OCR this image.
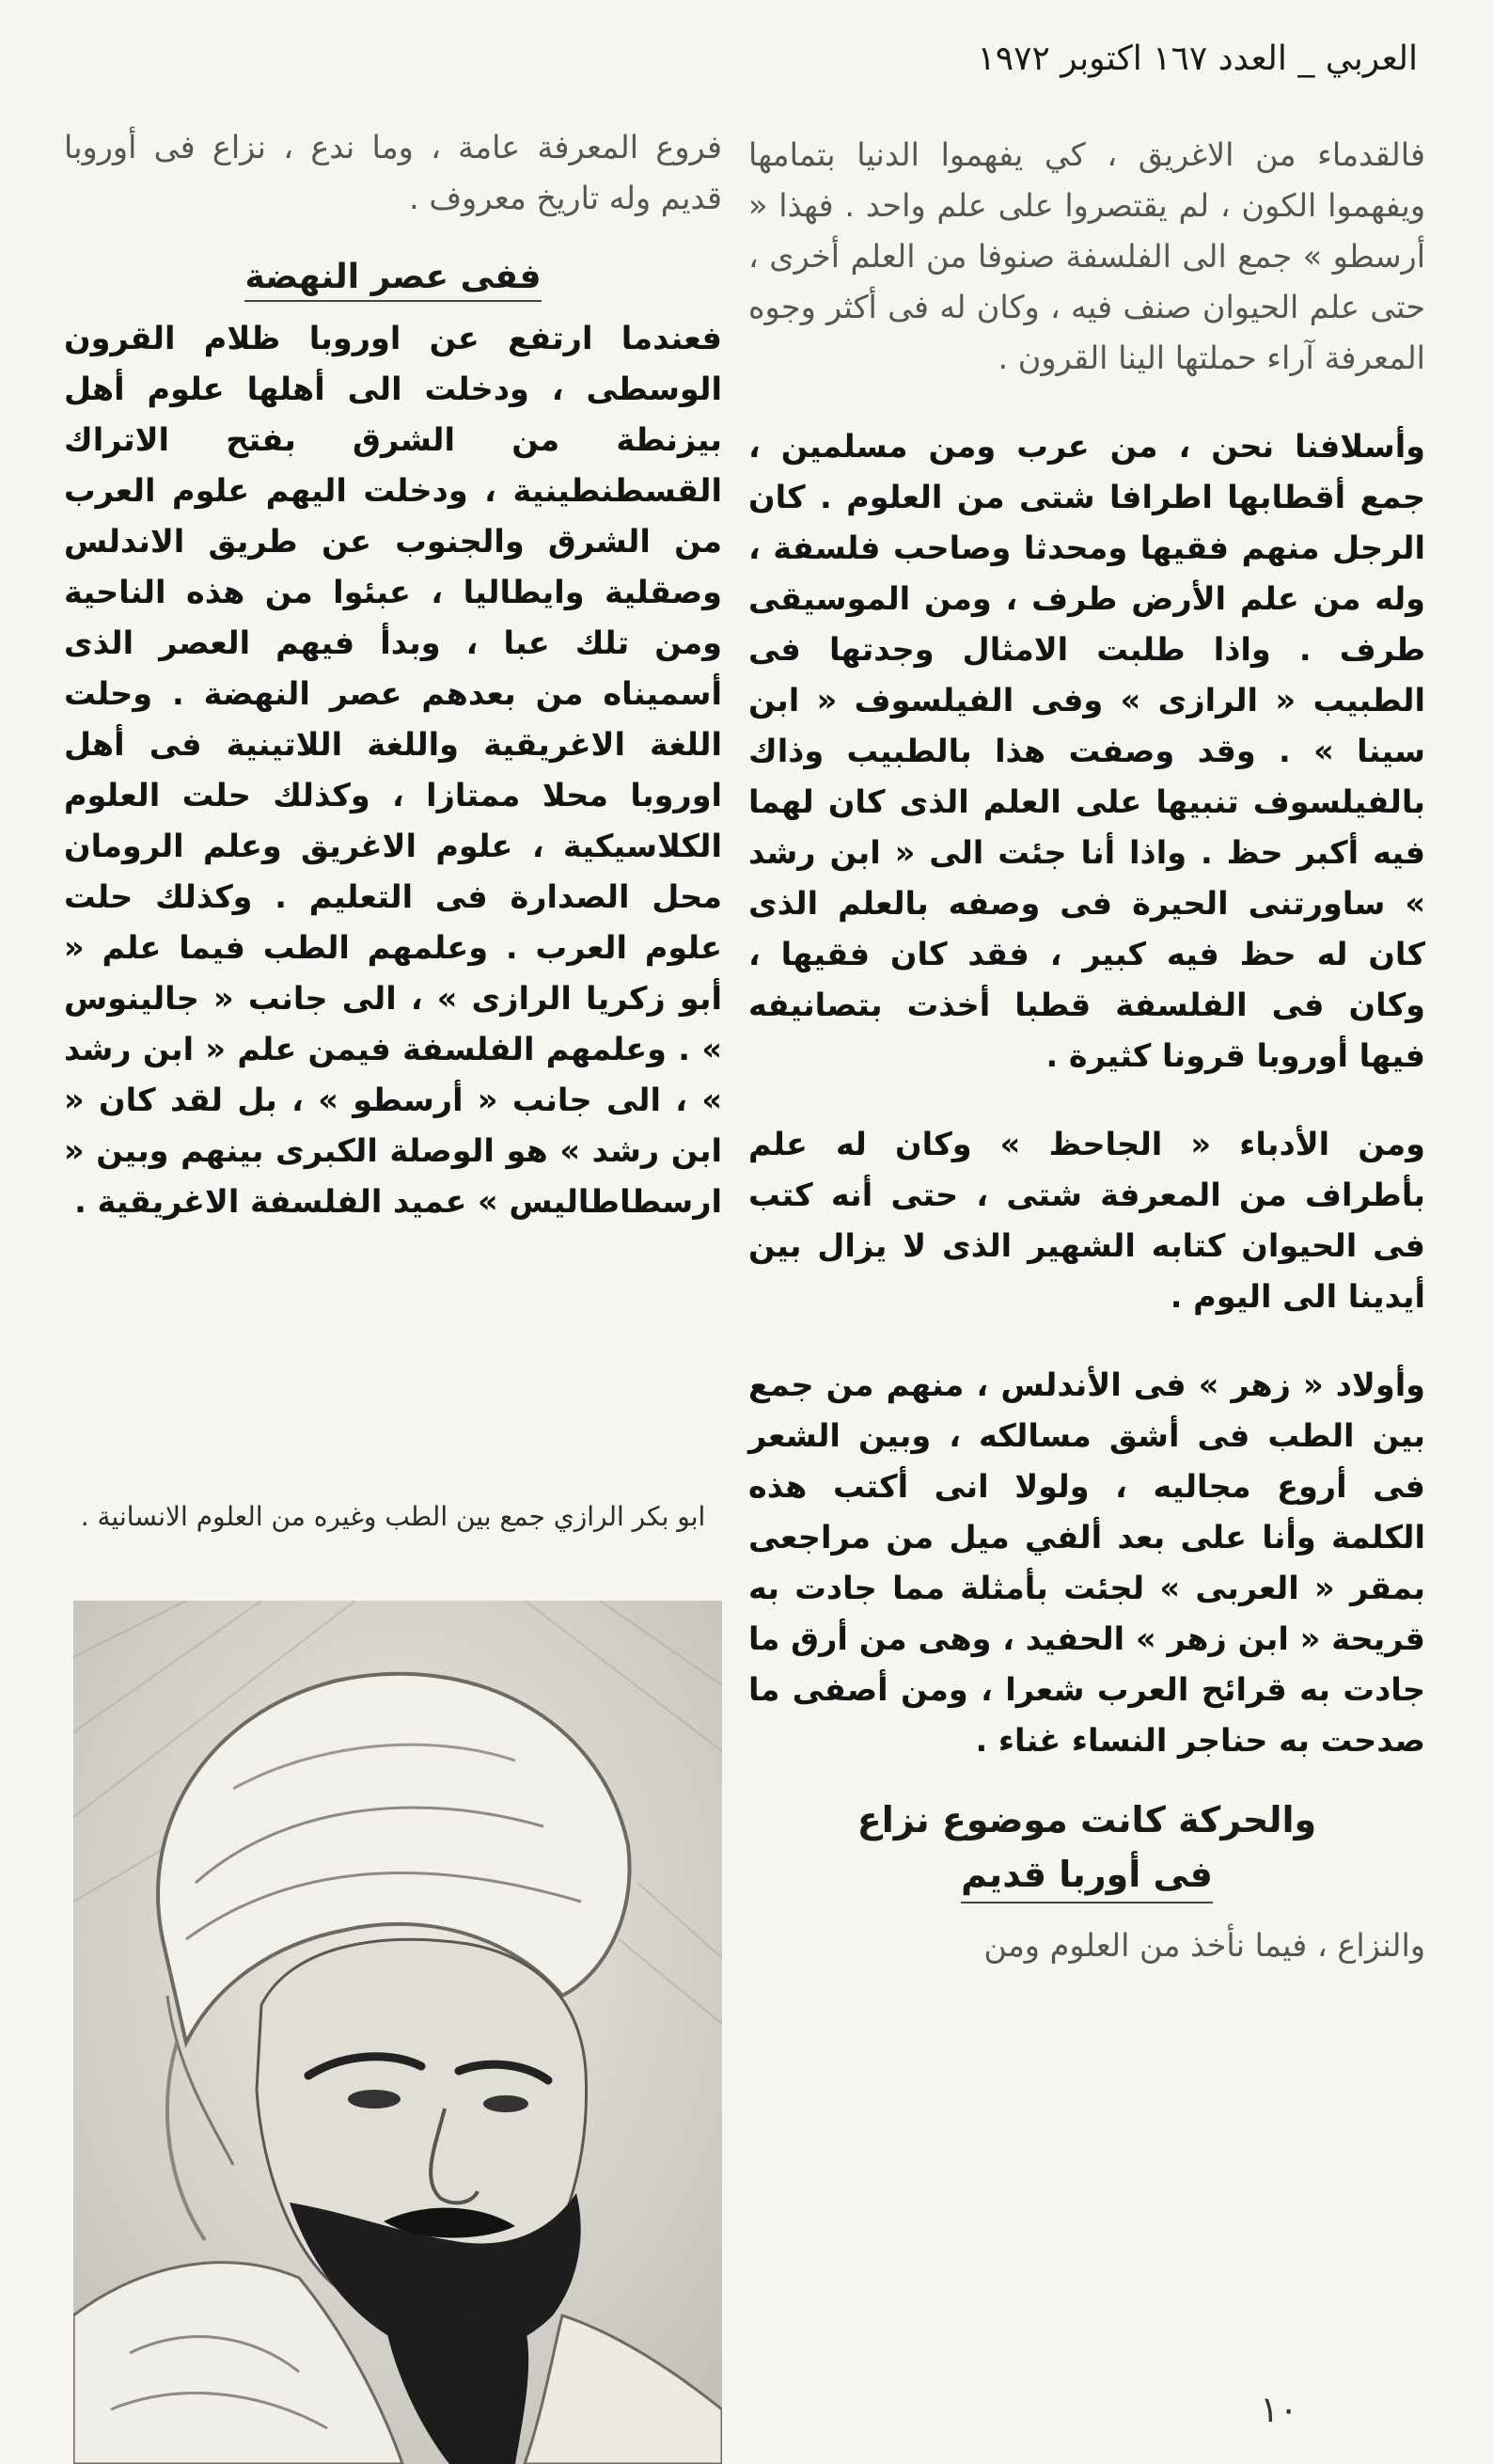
العربي _ العدد ١٦٧ اكتوبر ١٩٧٢

فالقدماء من الاغريق ، كي يفهموا الدنيا بتمامها ويفهموا الكون ، لم يقتصروا على علم واحد . فهذا « أرسطو » جمع الى الفلسفة صنوفا من العلم أخرى ، حتى علم الحيوان صنف فيه ، وكان له فى أكثر وجوه المعرفة آراء حملتها الينا القرون .

وأسلافنا نحن ، من عرب ومن مسلمين ، جمع أقطابها اطرافا شتى من العلوم . كان الرجل منهم فقيها ومحدثا وصاحب فلسفة ، وله من علم الأرض طرف ، ومن الموسيقى طرف . واذا طلبت الامثال وجدتها فى الطبيب « الرازى » وفى الفيلسوف « ابن سينا » . وقد وصفت هذا بالطبيب وذاك بالفيلسوف تنبيها على العلم الذى كان لهما فيه أكبر حظ . واذا أنا جئت الى « ابن رشد » ساورتنى الحيرة فى وصفه بالعلم الذى كان له حظ فيه كبير ، فقد كان فقيها ، وكان فى الفلسفة قطبا أخذت بتصانيفه فيها أوروبا قرونا كثيرة .

ومن الأدباء « الجاحظ » وكان له علم بأطراف من المعرفة شتى ، حتى أنه كتب فى الحيوان كتابه الشهير الذى لا يزال بين أيدينا الى اليوم .

وأولاد « زهر » فى الأندلس ، منهم من جمع بين الطب فى أشق مسالكه ، وبين الشعر فى أروع مجاليه ، ولولا انى أكتب هذه الكلمة وأنا على بعد ألفي ميل من مراجعى بمقر « العربى » لجئت بأمثلة مما جادت به قريحة « ابن زهر » الحفيد ، وهى من أرق ما جادت به قرائح العرب شعرا ، ومن أصفى ما صدحت به حناجر النساء غناء .

والحركة كانت موضوع نزاع
فى أوربا قديم

والنزاع ، فيما نأخذ من العلوم ومن

فروع المعرفة عامة ، وما ندع ، نزاع فى أوروبا قديم وله تاريخ معروف .

ففى عصر النهضة

فعندما ارتفع عن اوروبا ظلام القرون الوسطى ، ودخلت الى أهلها علوم أهل بيزنطة من الشرق بفتح الاتراك القسطنطينية ، ودخلت اليهم علوم العرب من الشرق والجنوب عن طريق الاندلس وصقلية وايطاليا ، عبئوا من هذه الناحية ومن تلك عبا ، وبدأ فيهم العصر الذى أسميناه من بعدهم عصر النهضة . وحلت اللغة الاغريقية واللغة اللاتينية فى أهل اوروبا محلا ممتازا ، وكذلك حلت العلوم الكلاسيكية ، علوم الاغريق وعلم الرومان محل الصدارة فى التعليم . وكذلك حلت علوم العرب . وعلمهم الطب فيما علم « أبو زكريا الرازى » ، الى جانب « جالينوس » . وعلمهم الفلسفة فيمن علم « ابن رشد » ، الى جانب « أرسطو » ، بل لقد كان « ابن رشد » هو الوصلة الكبرى بينهم وبين « ارسطاطاليس » عميد الفلسفة الاغريقية .

ابو بكر الرازي جمع بين الطب وغيره من العلوم الانسانية .
١٠
